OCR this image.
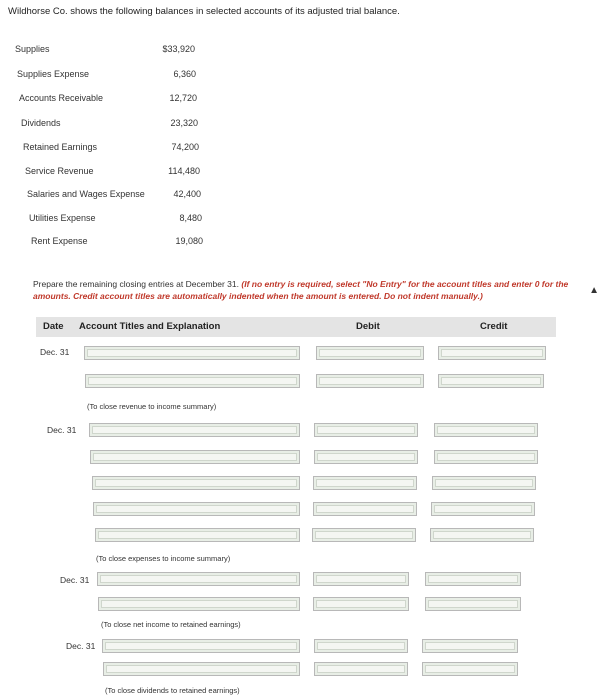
Wildhorse Co. shows the following balances in selected accounts of its adjusted trial balance.
Supplies	$33,920
Supplies Expense	6,360
Accounts Receivable	12,720
Dividends	23,320
Retained Earnings	74,200
Service Revenue	114,480
Salaries and Wages Expense	42,400
Utilities Expense	8,480
Rent Expense	19,080
Prepare the remaining closing entries at December 31. (If no entry is required, select "No Entry" for the account titles and enter 0 for the amounts. Credit account titles are automatically indented when the amount is entered. Do not indent manually.)	▲
Date Account Titles and Explanation	Debit	Credit
Dec. 31
(To close revenue to income summary)
Dec. 31
(To close expenses to income summary)
Dec. 31
(To close net income to retained earnings)
Dec. 31
(To close dividends to retained earnings)
